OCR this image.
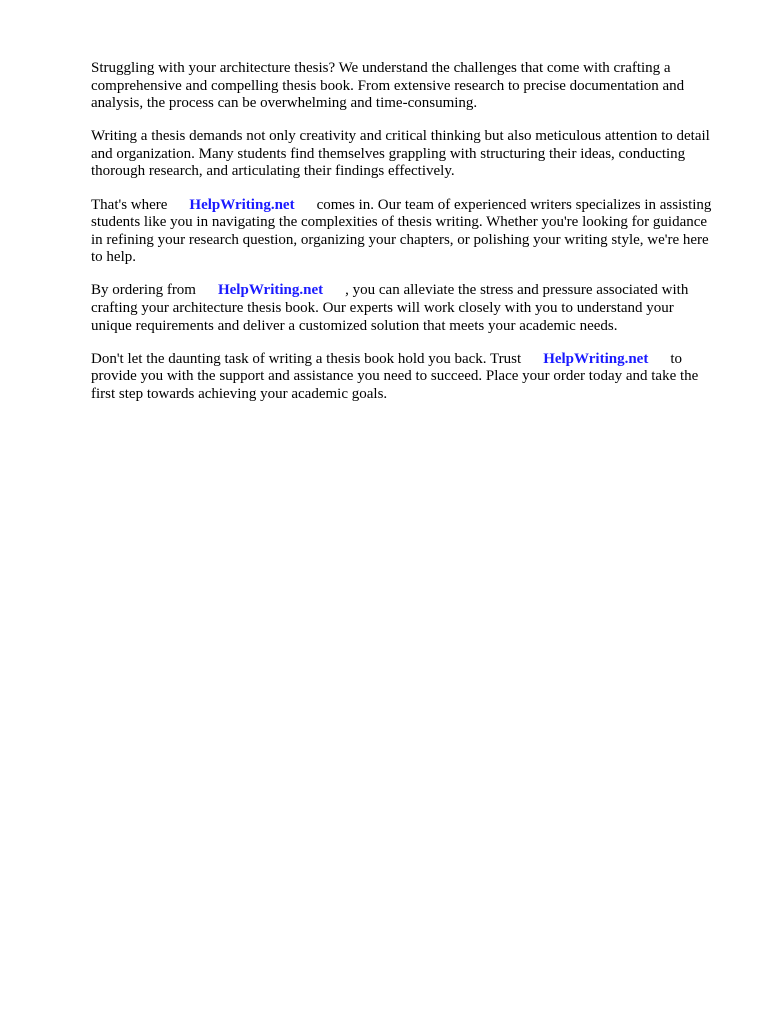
Struggling with your architecture thesis? We understand the challenges that come with crafting a comprehensive and compelling thesis book. From extensive research to precise documentation and analysis, the process can be overwhelming and time-consuming.

Writing a thesis demands not only creativity and critical thinking but also meticulous attention to detail and organization. Many students find themselves grappling with structuring their ideas, conducting thorough research, and articulating their findings effectively.

That's where HelpWriting.net comes in. Our team of experienced writers specializes in assisting students like you in navigating the complexities of thesis writing. Whether you're looking for guidance in refining your research question, organizing your chapters, or polishing your writing style, we're here to help.

By ordering from HelpWriting.net , you can alleviate the stress and pressure associated with crafting your architecture thesis book. Our experts will work closely with you to understand your unique requirements and deliver a customized solution that meets your academic needs.

Don't let the daunting task of writing a thesis book hold you back. Trust HelpWriting.net to provide you with the support and assistance you need to succeed. Place your order today and take the first step towards achieving your academic goals.
